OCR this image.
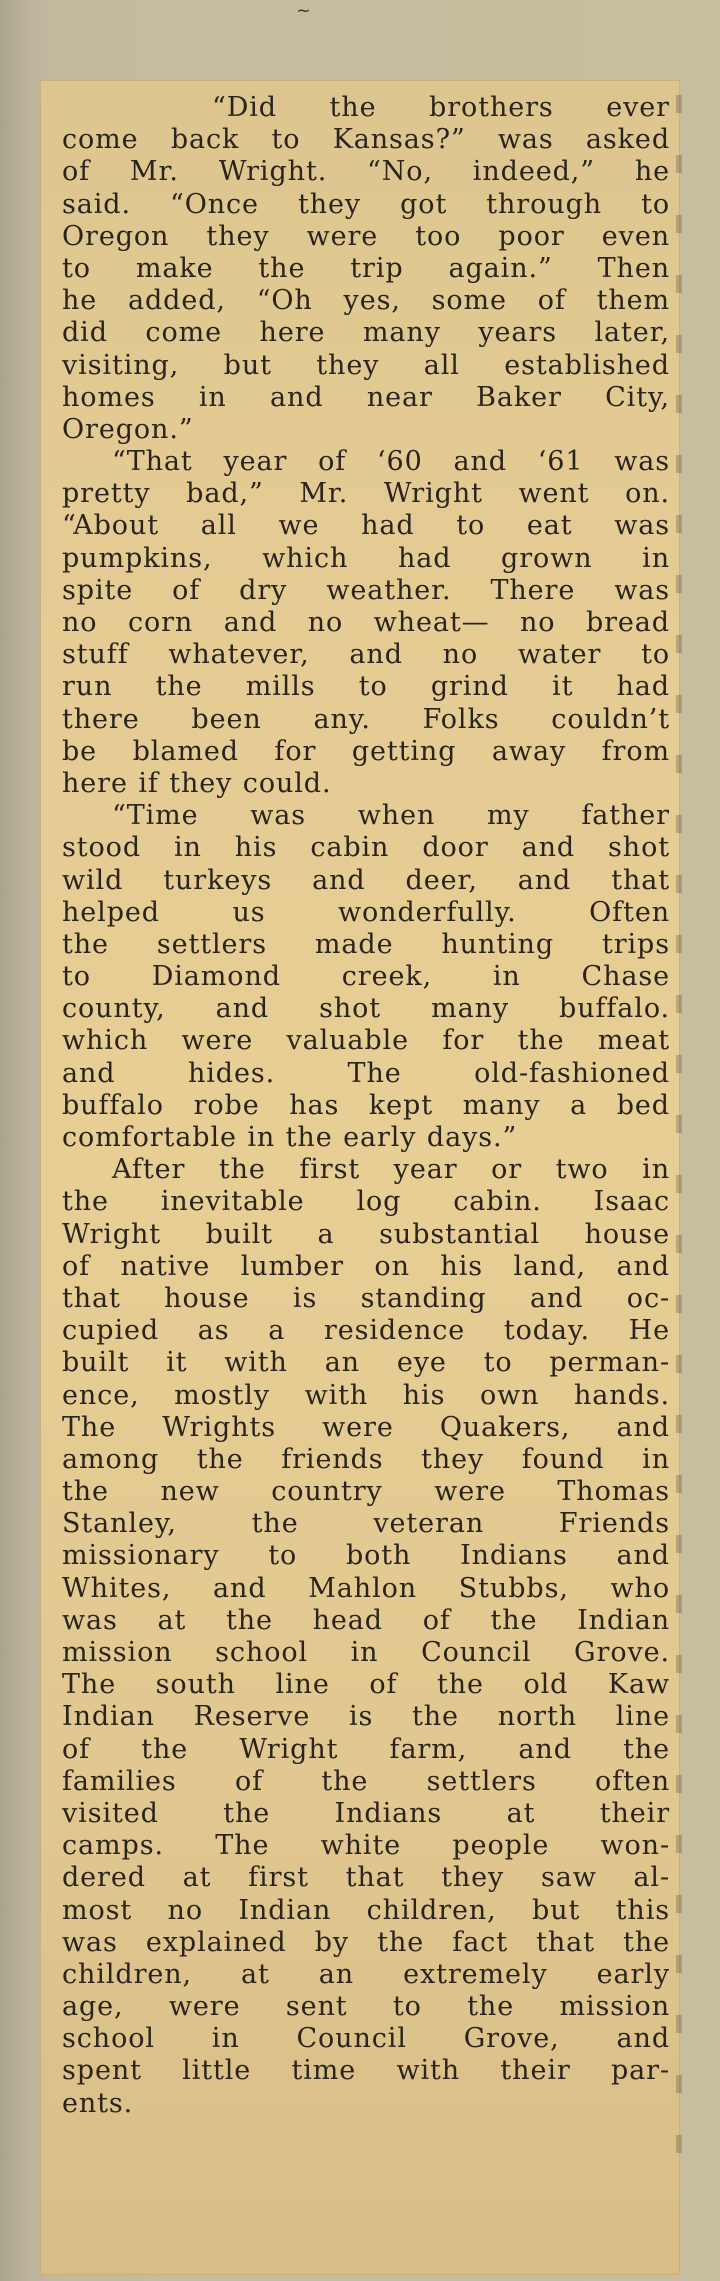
~
“Did the brothers ever
come back to Kansas?” was asked
of Mr. Wright. “No, indeed,” he
said. “Once they got through to
Oregon they were too poor even
to make the trip again.” Then
he added, “Oh yes, some of them
did come here many years later,
visiting, but they all established
homes in and near Baker City,
Oregon.”
“That year of ‘60 and ‘61 was
pretty bad,” Mr. Wright went on.
“About all we had to eat was
pumpkins, which had grown in
spite of dry weather. There was
no corn and no wheat— no bread
stuff whatever, and no water to
run the mills to grind it had
there been any. Folks couldn’t
be blamed for getting away from
here if they could.
“Time was when my father
stood in his cabin door and shot
wild turkeys and deer, and that
helped us wonderfully. Often
the settlers made hunting trips
to Diamond creek, in Chase
county, and shot many buffalo.
which were valuable for the meat
and hides. The old-fashioned
buffalo robe has kept many a bed
comfortable in the early days.”
After the first year or two in
the inevitable log cabin. Isaac
Wright built a substantial house
of native lumber on his land, and
that house is standing and oc-
cupied as a residence today. He
built it with an eye to perman-
ence, mostly with his own hands.
The Wrights were Quakers, and
among the friends they found in
the new country were Thomas
Stanley, the veteran Friends
missionary to both Indians and
Whites, and Mahlon Stubbs, who
was at the head of the Indian
mission school in Council Grove.
The south line of the old Kaw
Indian Reserve is the north line
of the Wright farm, and the
families of the settlers often
visited the Indians at their
camps. The white people won-
dered at first that they saw al-
most no Indian children, but this
was explained by the fact that the
children, at an extremely early
age, were sent to the mission
school in Council Grove, and
spent little time with their par-
ents.
